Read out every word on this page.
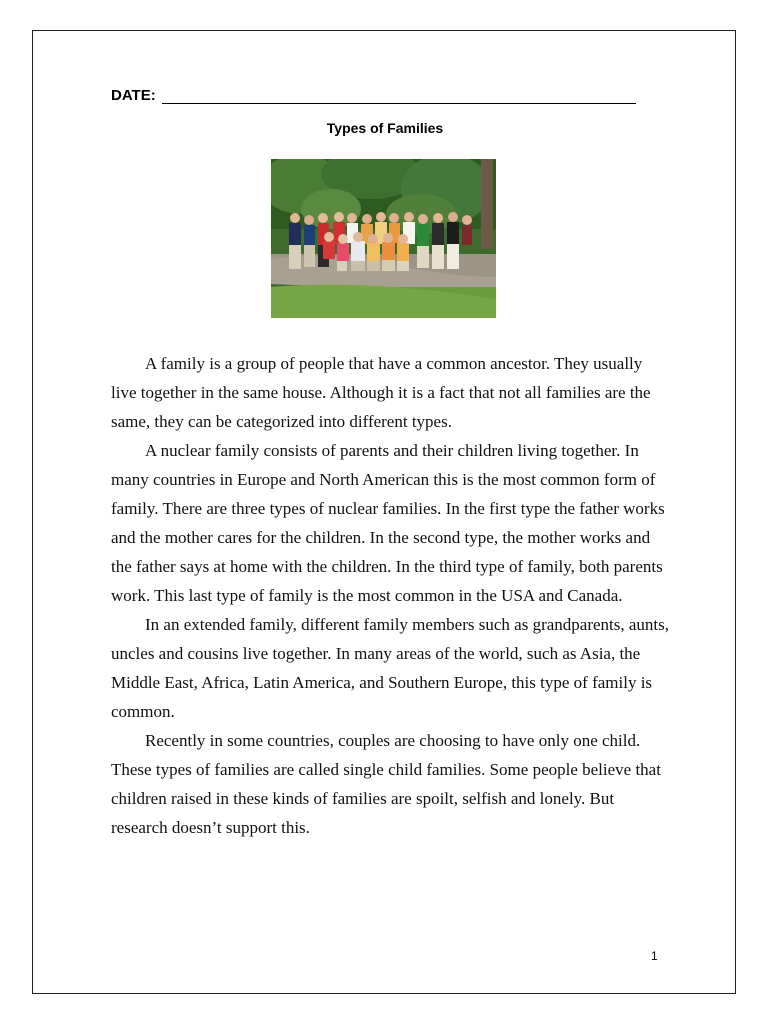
DATE:
Types of Families

A family is a group of people that have a common ancestor. They usually live together in the same house. Although it is a fact that not all families are the same, they can be categorized into different types.

A nuclear family consists of parents and their children living together. In many countries in Europe and North American this is the most common form of family. There are three types of nuclear families. In the first type the father works and the mother cares for the children. In the second type, the mother works and the father says at home with the children. In the third type of family, both parents work. This last type of family is the most common in the USA and Canada.

In an extended family, different family members such as grandparents, aunts, uncles and cousins live together. In many areas of the world, such as Asia, the Middle East, Africa, Latin America, and Southern Europe, this type of family is common.

Recently in some countries, couples are choosing to have only one child. These types of families are called single child families. Some people believe that children raised in these kinds of families are spoilt, selfish and lonely. But research doesn’t support this.

1
